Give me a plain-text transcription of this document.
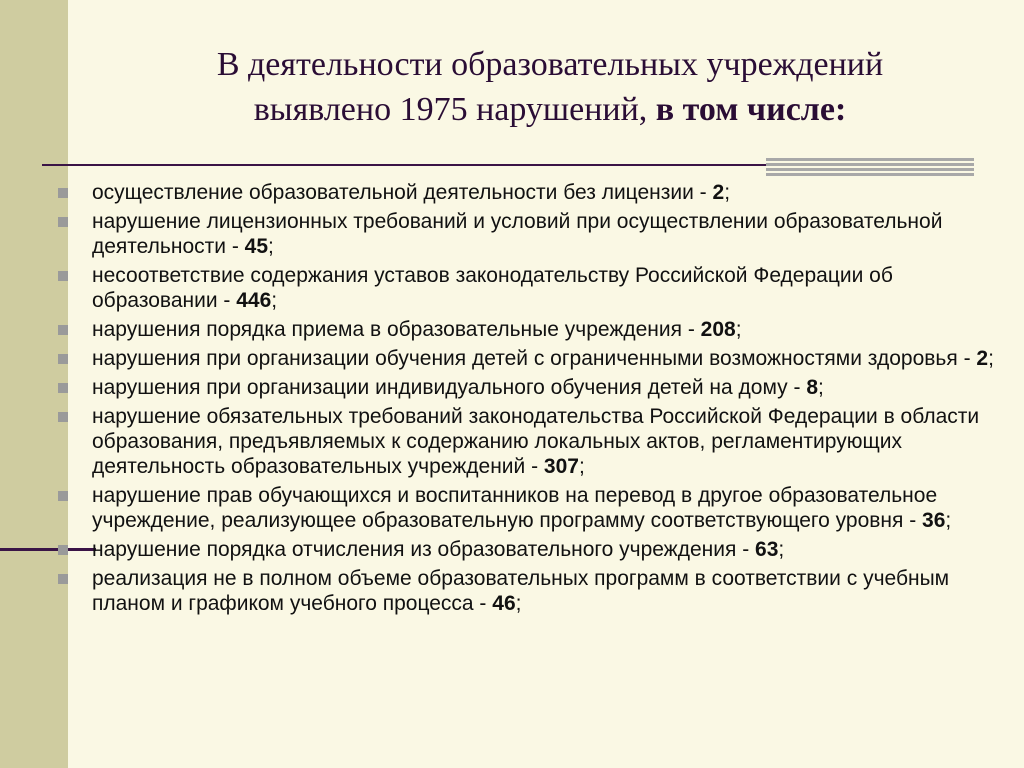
В деятельности образовательных учреждений
выявлено 1975 нарушений, в том числе:
осуществление образовательной деятельности без лицензии - 2;
нарушение лицензионных требований и условий при осуществлении образовательной деятельности - 45;
несоответствие содержания уставов законодательству Российской Федерации об образовании - 446;
нарушения порядка приема в образовательные учреждения - 208;
нарушения при организации обучения детей с ограниченными возможностями здоровья - 2;
нарушения при организации индивидуального обучения детей на дому - 8;
нарушение обязательных требований законодательства Российской Федерации в области образования, предъявляемых к содержанию локальных актов, регламентирующих деятельность образовательных учреждений - 307;
нарушение прав обучающихся и воспитанников на перевод в другое образовательное учреждение, реализующее образовательную программу соответствующего уровня - 36;
нарушение порядка отчисления из образовательного учреждения - 63;
реализация не в полном объеме образовательных программ в соответствии с учебным планом и графиком учебного процесса - 46;
